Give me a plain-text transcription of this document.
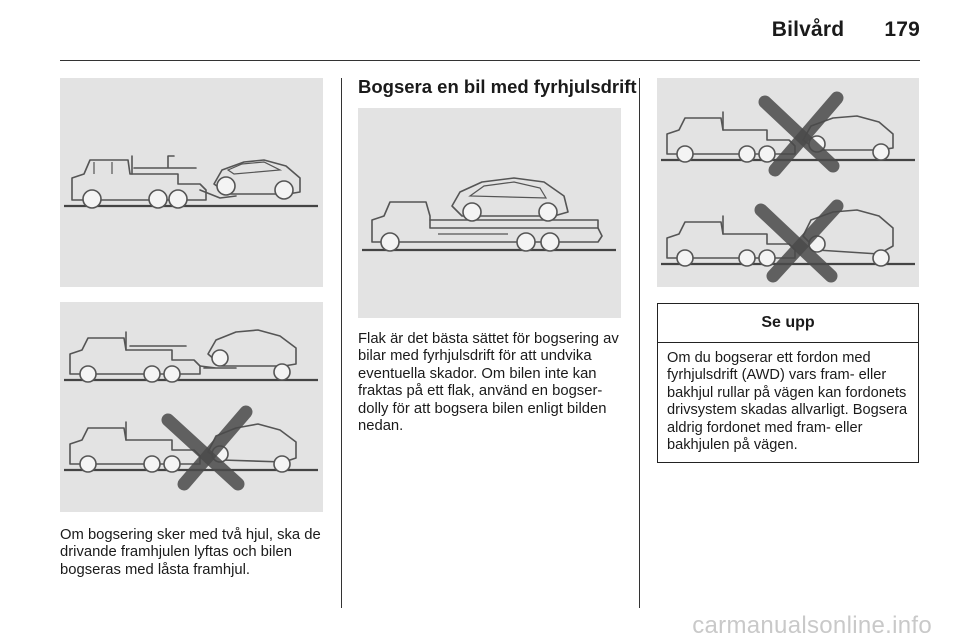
Bilvård 179
Om bogsering sker med två hjul, ska de drivande framhjulen lyftas och bilen bogseras med låsta framhjul.
Bogsera en bil med fyrhjulsdrift
Flak är det bästa sättet för bogsering av bilar med fyrhjulsdrift för att undvika eventuella skador. Om bilen inte kan fraktas på ett flak, använd en bogser-dolly för att bogsera bilen enligt bilden nedan.
Se upp
Om du bogserar ett fordon med fyrhjulsdrift (AWD) vars fram- eller bakhjul rullar på vägen kan fordonets drivsystem skadas allvarligt. Bogsera aldrig fordonet med fram- eller bakhjulen på vägen.
carmanualsonline.info
